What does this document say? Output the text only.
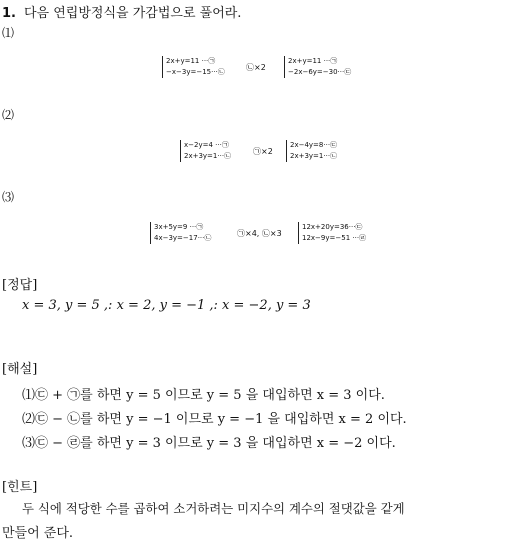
1. 다음 연립방정식을 가감법으로 풀어라.
⑴
2x+y=11 ···㉠
−x−3y=−15···㉡	㉡×2
2x+y=11 ···㉠
−2x−6y=−30···㉢
⑵
x−2y=4 ···㉠
2x+3y=1···㉡	㉠×2
2x−4y=8···㉢
2x+3y=1···㉡
⑶
3x+5y=9 ···㉠
4x−3y=−17···㉡	㉠×4, ㉡×3
12x+20y=36···㉢
12x−9y=−51 ···㉣
[정답]
x = 3, y = 5 ,: x = 2, y = −1 ,: x = −2, y = 3
[해설]
⑴㉢ + ㉠를 하면 y = 5 이므로 y = 5 을 대입하면 x = 3 이다.
⑵㉢ − ㉡를 하면 y = −1 이므로 y = −1 을 대입하면 x = 2 이다.
⑶㉢ − ㉣를 하면 y = 3 이므로 y = 3 을 대입하면 x = −2 이다.
[힌트]
두 식에 적당한 수를 곱하여 소거하려는 미지수의 계수의 절댓값을 같게
만들어 준다.
